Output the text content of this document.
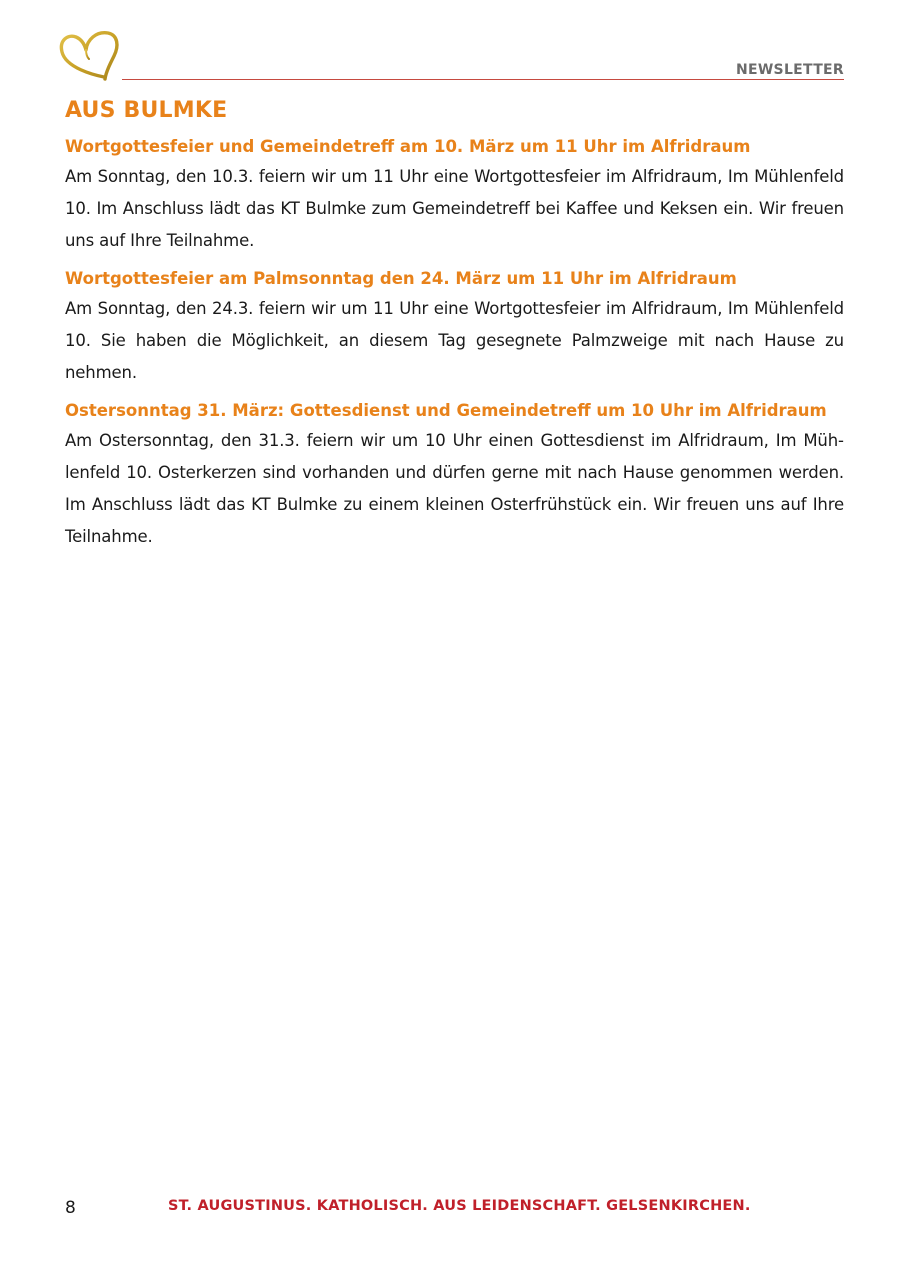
NEWSLETTER
AUS BULMKE
Wortgottesfeier und Gemeindetreff am 10. März um 11 Uhr im Alfridraum

Am Sonntag, den 10.3. feiern wir um 11 Uhr eine Wortgottesfeier im Alfridraum, Im Mühlenfeld 10. Im Anschluss lädt das KT Bulmke zum Gemeindetreff bei Kaffee und Keksen ein. Wir freuen uns auf Ihre Teilnahme.

Wortgottesfeier am Palmsonntag den 24. März um 11 Uhr im Alfridraum

Am Sonntag, den 24.3. feiern wir um 11 Uhr eine Wortgottesfeier im Alfridraum, Im Mühlenfeld 10. Sie haben die Möglichkeit, an diesem Tag gesegnete Palmzweige mit nach Hause zu nehmen.

Ostersonntag 31. März: Gottesdienst und Gemeindetreff um 10 Uhr im Alfridraum

Am Ostersonntag, den 31.3. feiern wir um 10 Uhr einen Gottesdienst im Alfridraum, Im Mühlenfeld 10. Osterkerzen sind vorhanden und dürfen gerne mit nach Hause genommen werden. Im Anschluss lädt das KT Bulmke zu einem kleinen Osterfrühstück ein. Wir freuen uns auf Ihre Teilnahme.

8	ST. AUGUSTINUS. KATHOLISCH. AUS LEIDENSCHAFT. GELSENKIRCHEN.
